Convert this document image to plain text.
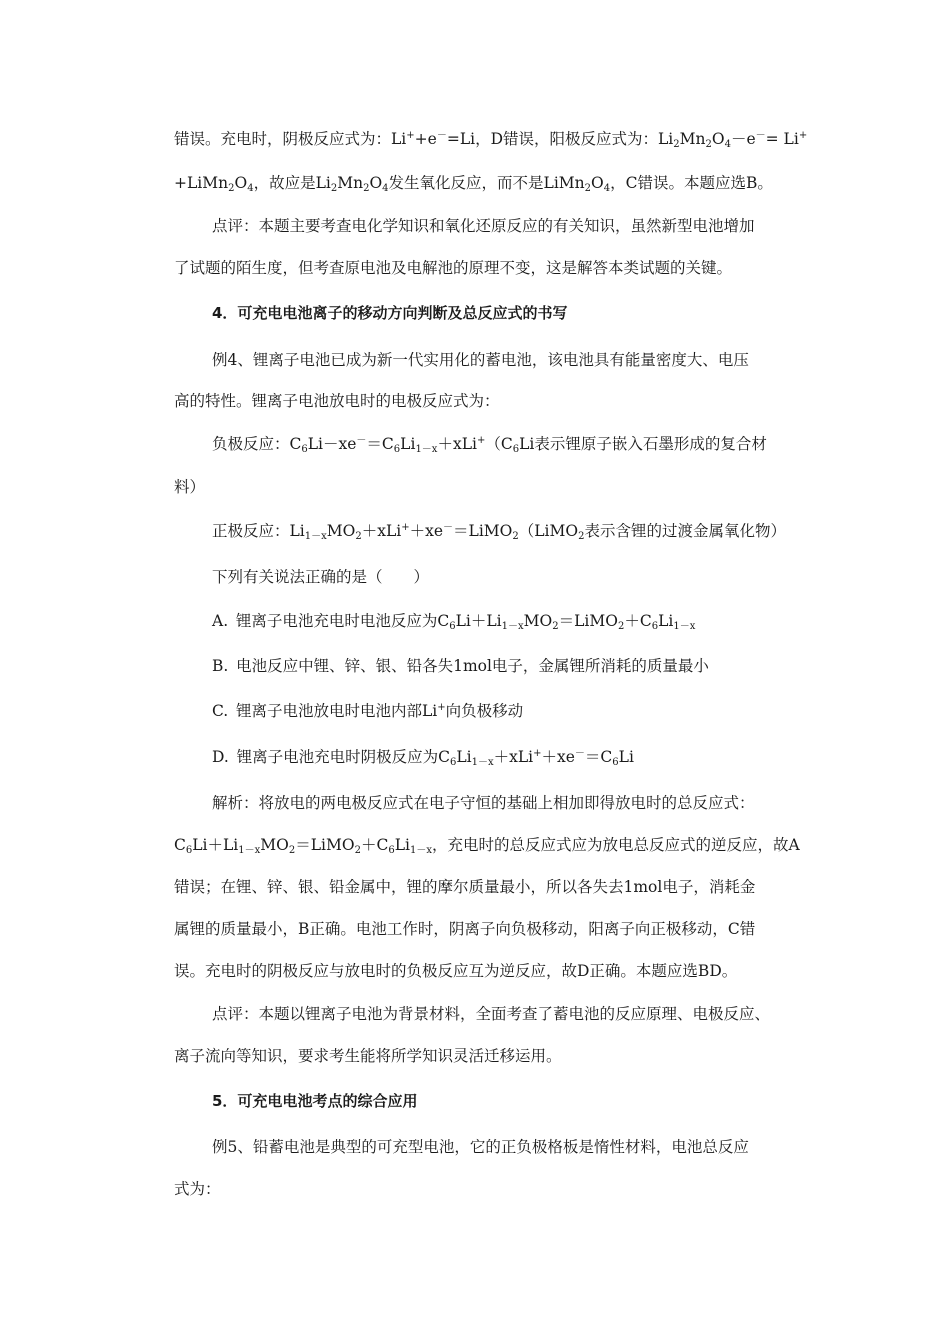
错误。充电时，阴极反应式为：Li++e－=Li，D错误，阳极反应式为：$Li_2Mn_2O_4-e^-= Li^+$
$+LiMn_2O_4$，故应是$Li_2Mn_2O_4$发生氧化反应，而不是$LiMn_2O_4$，C错误。本题应选B。
点评：本题主要考查电化学知识和氧化还原反应的有关知识，虽然新型电池增加
了试题的陌生度，但考查原电池及电解池的原理不变，这是解答本类试题的关键。
4．可充电电池离子的移动方向判断及总反应式的书写
例4、锂离子电池已成为新一代实用化的蓄电池，该电池具有能量密度大、电压
高的特性。锂离子电池放电时的电极反应式为：
负极反应：$C_6Li-xe^-=C_6Li_{1-x}+xLi^+(C_6Li$表示锂原子嵌入石墨形成的复合材
料）
正极反应：$Li_{1-x}MO_2+xLi^++xe^-=LiMO_2(LiMO_2$表示含锂的过渡金属氧化物）
下列有关说法正确的是（　　）
A. 锂离子电池充电时电池反应为$C_6Li+Li_{1-x}MO_2=LiMO_2+C_6Li_{1-x}$
B. 电池反应中锂、锌、银、铅各失1mol电子，金属锂所消耗的质量最小
C. 锂离子电池放电时电池内部Li+向负极移动
D. 锂离子电池充电时阴极反应为$C_6Li_{1-x}+xLi^++xe^-=C_6Li$
解析：将放电的两电极反应式在电子守恒的基础上相加即得放电时的总反应式：
$C_6Li+Li_{1-x}MO_2=LiMO_2+C_6Li_{1-x}$，充电时的总反应式应为放电总反应式的逆反应，故A
错误；在锂、锌、银、铅金属中，锂的摩尔质量最小，所以各失去1mol电子，消耗金
属锂的质量最小，B正确。电池工作时，阴离子向负极移动，阳离子向正极移动，C错
误。充电时的阴极反应与放电时的负极反应互为逆反应，故D正确。本题应选BD。
点评：本题以锂离子电池为背景材料，全面考查了蓄电池的反应原理、电极反应、
离子流向等知识，要求考生能将所学知识灵活迁移运用。
5．可充电电池考点的综合应用
例5、铅蓄电池是典型的可充型电池，它的正负极格板是惰性材料，电池总反应
式为：
